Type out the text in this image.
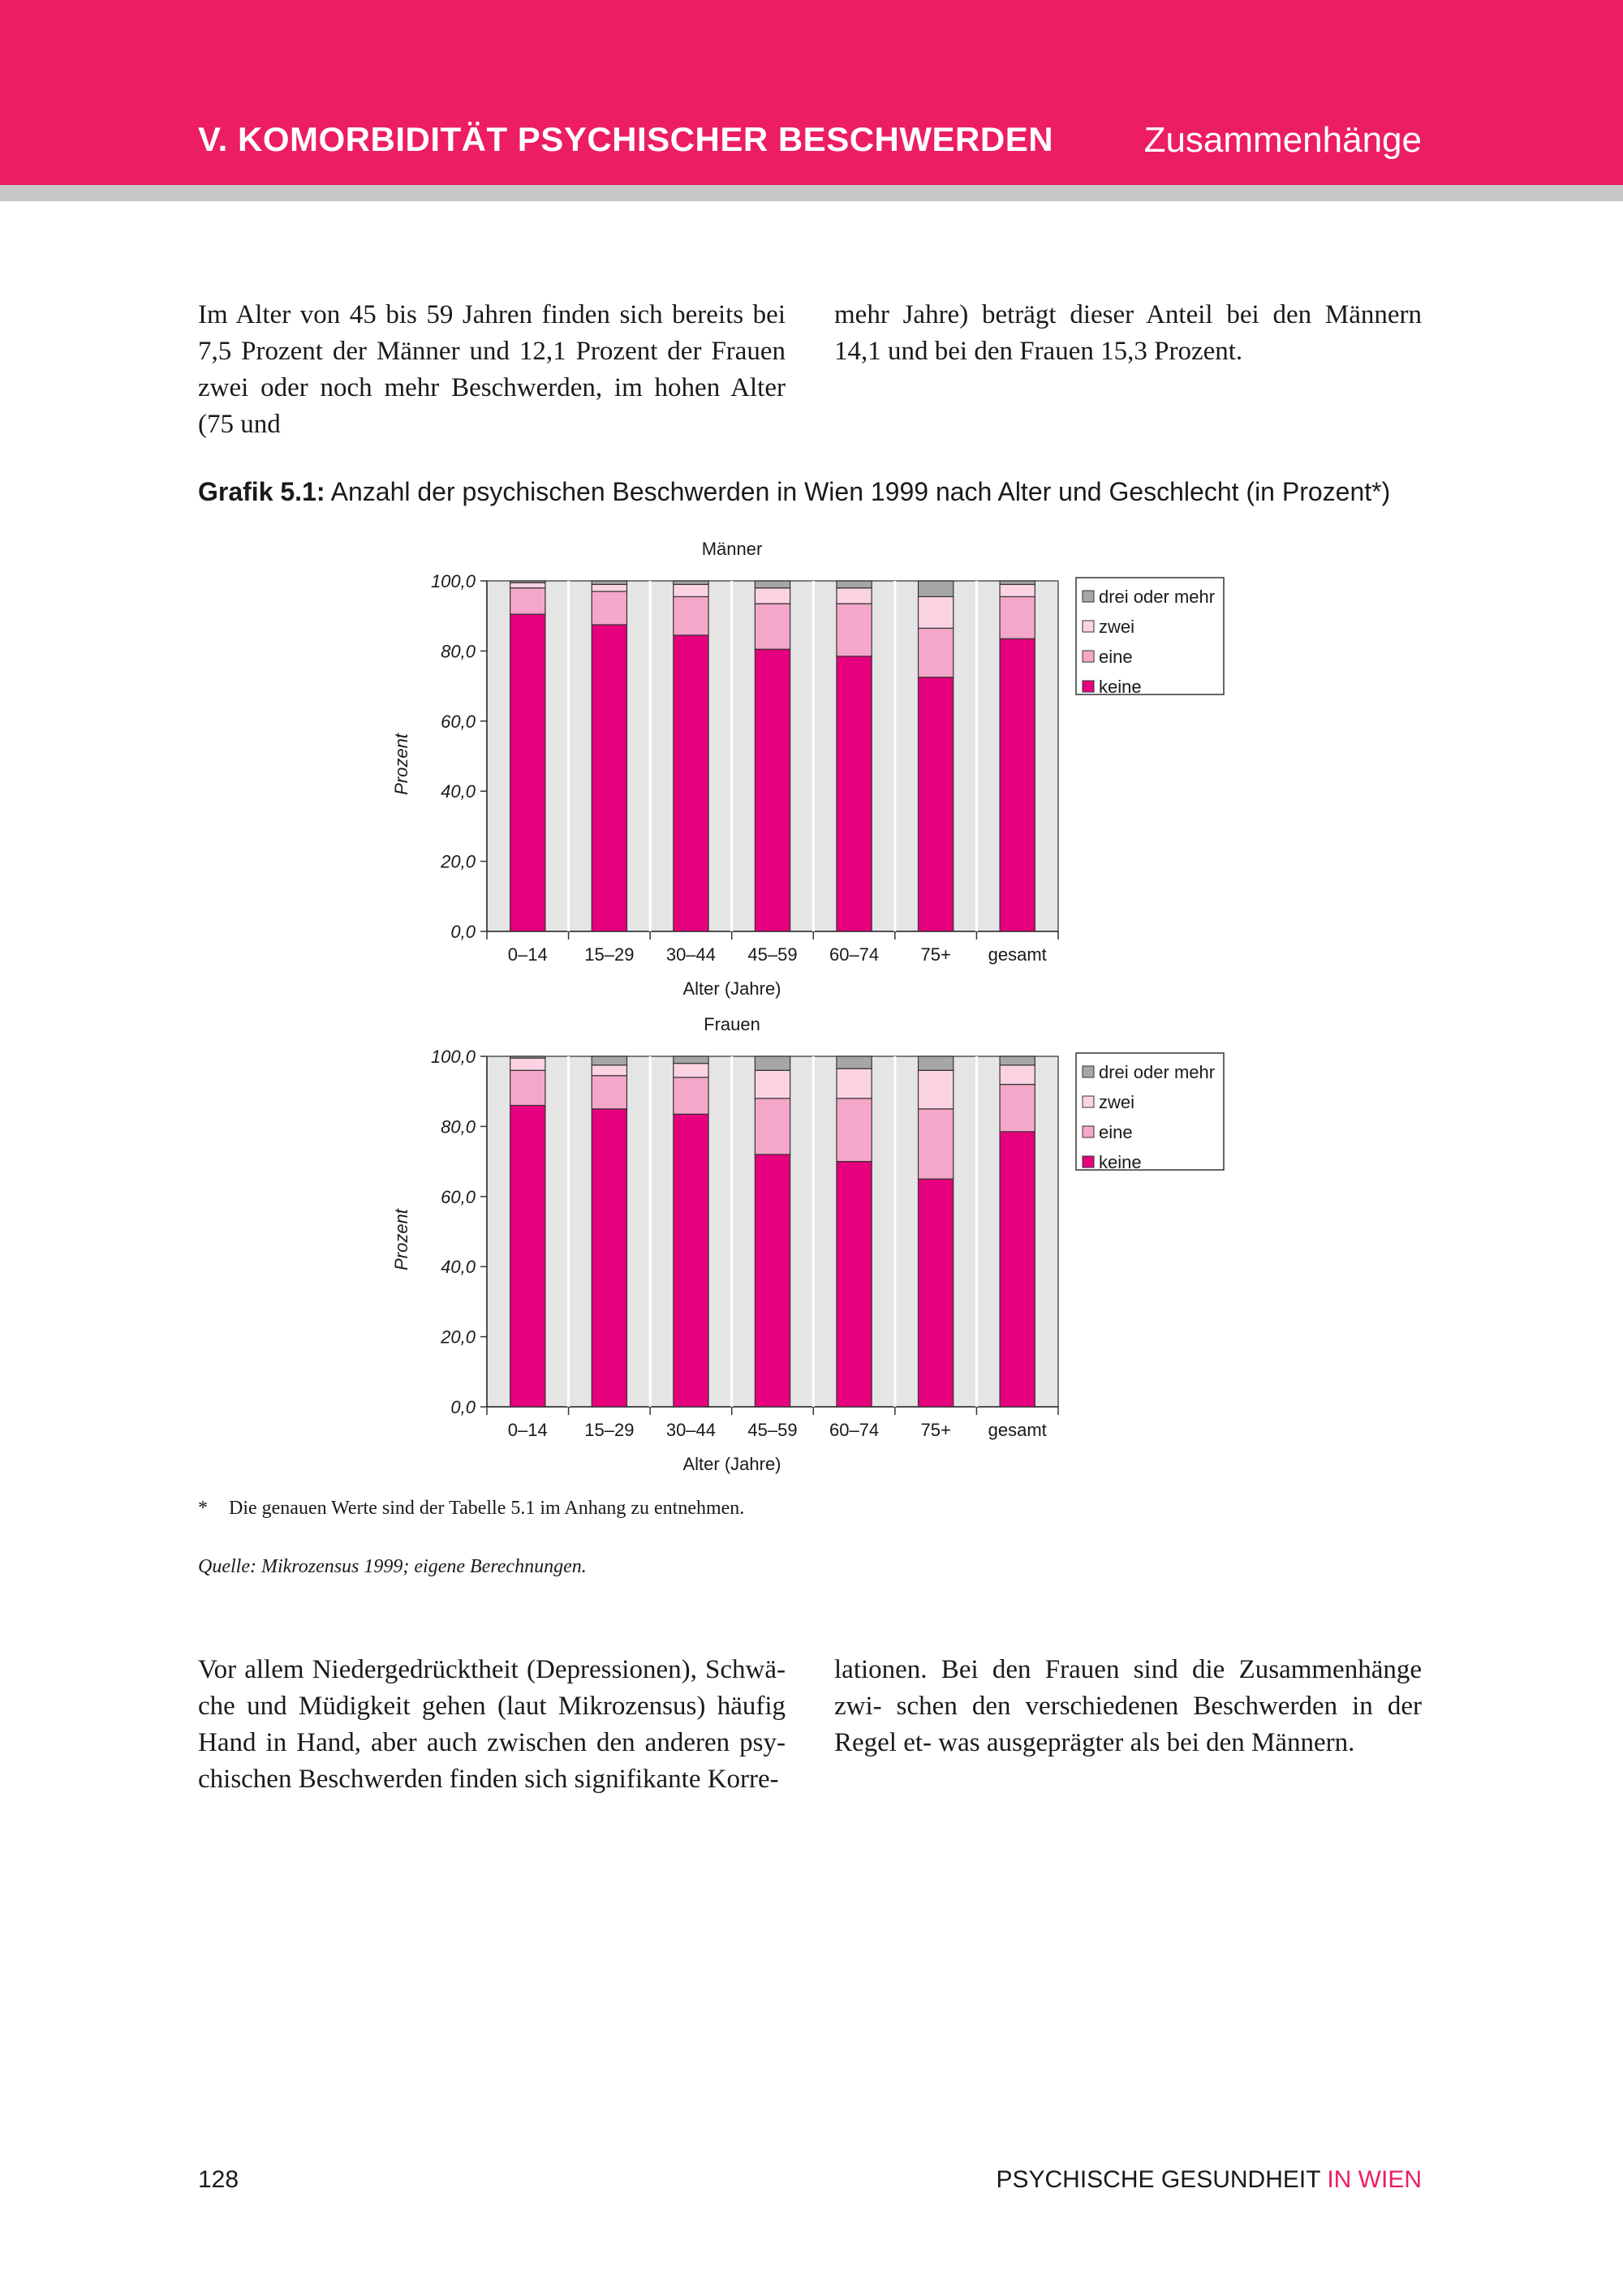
V. KOMORBIDITÄT PSYCHISCHER BESCHWERDEN	Zusammenhänge
Im Alter von 45 bis 59 Jahren finden sich bereits bei 7,5 Prozent der Männer und 12,1 Prozent der Frauen zwei oder noch mehr Beschwerden, im hohen Alter (75 und
mehr Jahre) beträgt dieser Anteil bei den Männern 14,1 und bei den Frauen 15,3 Prozent.
Grafik 5.1: Anzahl der psychischen Beschwerden in Wien 1999 nach Alter und Geschlecht (in Prozent*)
Männer
0,0
20,0
40,0
60,0
80,0
100,0
Prozent
0–14 15–29 30–44 45–59 60–74 75+ gesamt
Alter (Jahre)
drei oder mehr
zwei
eine
keine
Frauen
0,0
20,0
40,0
60,0
80,0
100,0
Prozent
0–14 15–29 30–44 45–59 60–74 75+ gesamt
Alter (Jahre)
drei oder mehr
zwei
eine
keine
* Die genauen Werte sind der Tabelle 5.1 im Anhang zu entnehmen.
Quelle: Mikrozensus 1999; eigene Berechnungen.
Vor allem Niedergedrücktheit (Depressionen), Schwä- che und Müdigkeit gehen (laut Mikrozensus) häufig Hand in Hand, aber auch zwischen den anderen psy- chischen Beschwerden finden sich signifikante Korre-
lationen. Bei den Frauen sind die Zusammenhänge zwi- schen den verschiedenen Beschwerden in der Regel et- was ausgeprägter als bei den Männern.
128	PSYCHISCHE GESUNDHEIT IN WIEN
